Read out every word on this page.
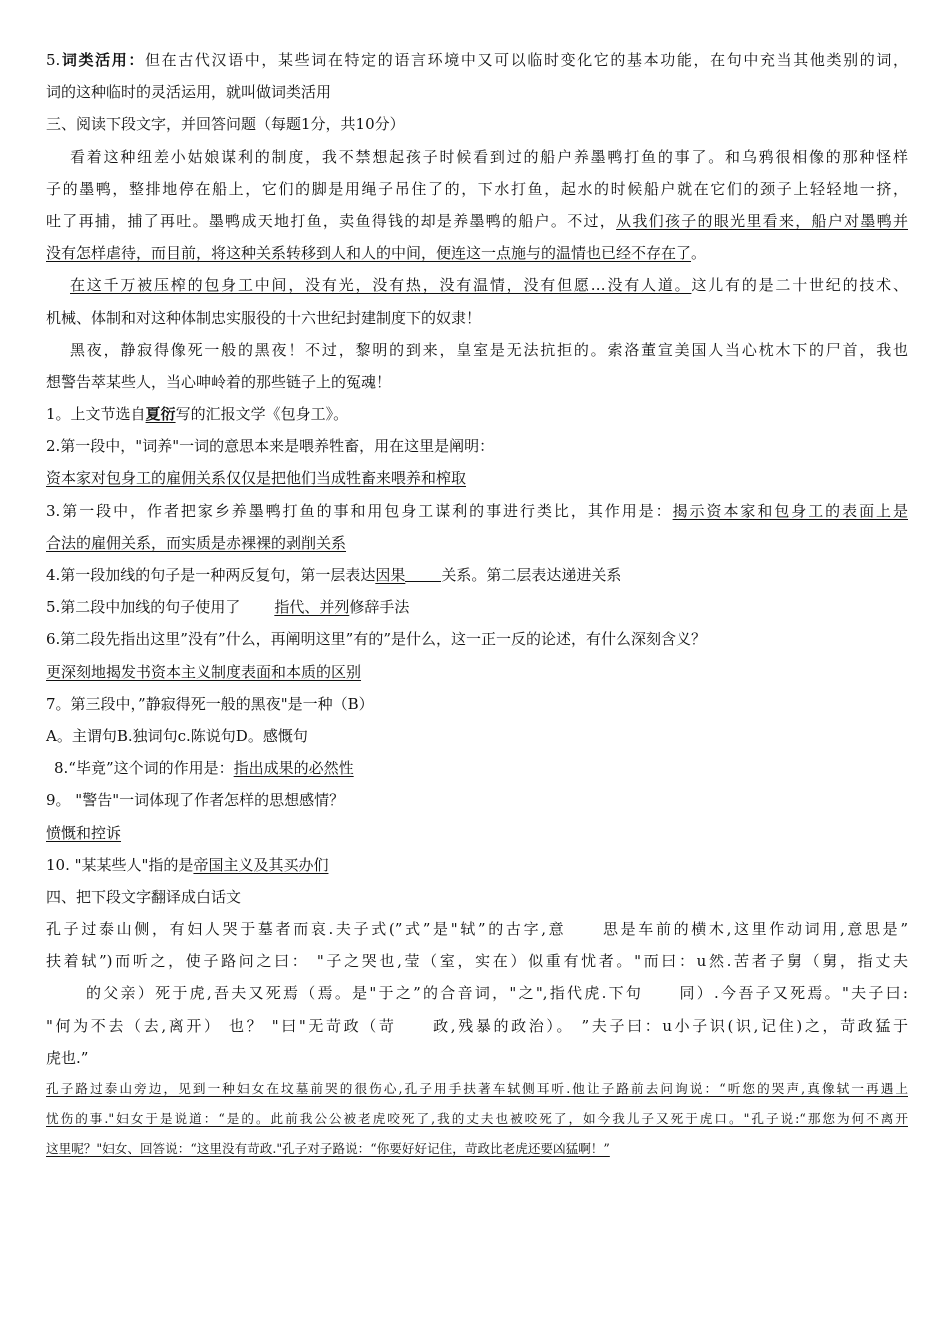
5.词类活用：但在古代汉语中，某些词在特定的语言环境中又可以临时变化它的基本功能，在句中充当其他类别的词，
词的这种临时的灵活运用，就叫做词类活用
三、阅读下段文字，并回答问题（每题1分，共10分）
看着这种纽差小姑娘谋利的制度，我不禁想起孩子时候看到过的船户养墨鸭打鱼的事了。和乌鸦很相像的那种怪样
子的墨鸭，整排地停在船上，它们的脚是用绳子吊住了的，下水打鱼，起水的时候船户就在它们的颈子上轻轻地一挤，
吐了再捕，捕了再吐。墨鸭成天地打鱼，卖鱼得钱的却是养墨鸭的船户。不过，从我们孩子的眼光里看来，船户对墨鸭并
没有怎样虐待，而目前，将这种关系转移到人和人的中间，便连这一点施与的温情也已经不存在了。
在这千万被压榨的包身工中间，没有光，没有热，没有温情，没有但愿…没有人道。这儿有的是二十世纪的技术、
机械、体制和对这种体制忠实服役的十六世纪封建制度下的奴隶！
黑夜，静寂得像死一般的黑夜！不过，黎明的到来，皇室是无法抗拒的。索洛董宣美国人当心枕木下的尸首，我也
想警告萃某些人，当心呻岭着的那些链子上的冤魂！
1。上文节选自夏衍写的汇报文学《包身工》。
2.第一段中，"词养"一词的意思本来是喂养牲畜，用在这里是阐明：
资本家对包身工的雇佣关系仅仅是把他们当成牲畜来喂养和榨取
3.第一段中，作者把家乡养墨鸭打鱼的事和用包身工谋利的事进行类比，其作用是：揭示资本家和包身工的表面上是
合法的雇佣关系，而实质是赤裸裸的剥削关系
4.第一段加线的句子是一种两反复句，第一层表达因果 关系。第二层表达递进关系
5.第二段中加线的句子使用了 指代、并列修辞手法
6.第二段先指出这里”没有”什么，再阐明这里”有的”是什么，这一正一反的论述，有什么深刻含义？
更深刻地揭发书资本主义制度表面和本质的区别
7。第三段中，”静寂得死一般的黑夜"是一种（B）
A。主谓句B.独词句c.陈说句D。感慨句
8.“毕竟”这个词的作用是：指出成果的必然性
9。 "警告"一词体现了作者怎样的思想感情？
愤慨和控诉
10. "某某些人"指的是帝国主义及其买办们
四、把下段文字翻译成白话文
孔子过泰山侧，有妇人哭于墓者而哀.夫子式(”式”是"轼”的古字,意 思是车前的横木,这里作动词用,意思是”
扶着轼”)而听之，使子路问之曰： "子之哭也,莹（室，实在）似重有忧者。"而曰：u然.苦者子舅（舅，指丈夫
的父亲）死于虎,吾夫又死焉（焉。是"于之”的合音词，"之",指代虎.下句 同）.今吾子又死焉。"夫子曰:
"何为不去（去,离开） 也？ "曰"无苛政（苛 政,残暴的政治）。 ”夫子曰：u小子识(识,记住)之，苛政猛于
虎也.”
孔子路过泰山旁边，见到一种妇女在坟墓前哭的很伤心,孔子用手扶著车轼侧耳听.他让子路前去问询说：“听您的哭声,真像轼一再遇上
忧伤的事."妇女于是说道：“是的。此前我公公被老虎咬死了,我的丈夫也被咬死了，如今我儿子又死于虎口。"孔子说:“那您为何不离开
这里呢？"妇女、回答说：“这里没有苛政."孔子对子路说：“你要好好记住，苛政比老虎还要凶猛啊！”
